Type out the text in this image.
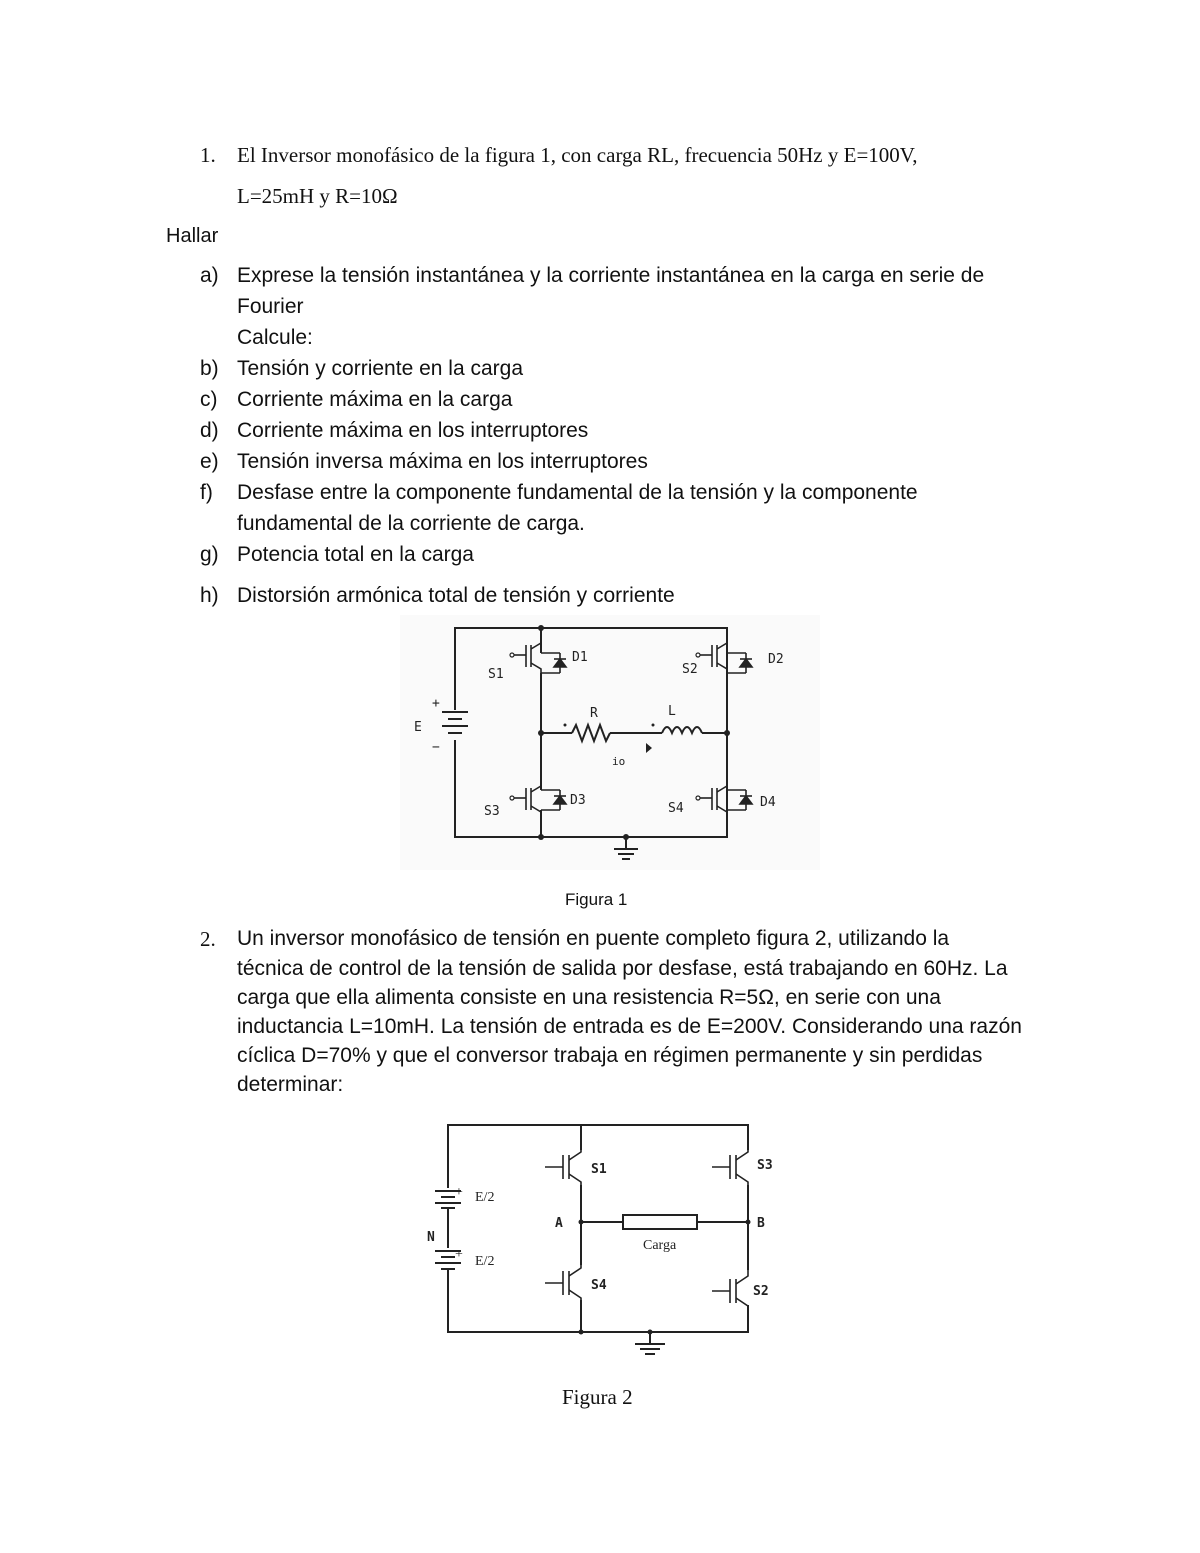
1. El Inversor monofásico de la figura 1, con carga RL, frecuencia 50Hz y E=100V,
L=25mH y R=10Ω
Hallar
a) Exprese la tensión instantánea y la corriente instantánea en la carga en serie de
Fourier
Calcule:
b) Tensión y corriente en la carga
c) Corriente máxima en la carga
d) Corriente máxima en los interruptores
e) Tensión inversa máxima en los interruptores
f) Desfase entre la componente fundamental de la tensión y la componente
fundamental de la corriente de carga.
g) Potencia total en la carga
h) Distorsión armónica total de tensión y corriente
S1	S2
S3	S4
D1	D2
D3	D4
R	L
E
+
−
io
Figura 1
2. Un inversor monofásico de tensión en puente completo figura 2, utilizando la
técnica de control de la tensión de salida por desfase, está trabajando en 60Hz. La
carga que ella alimenta consiste en una resistencia R=5Ω, en serie con una
inductancia L=10mH. La tensión de entrada es de E=200V. Considerando una razón
cíclica D=70% y que el conversor trabaja en régimen permanente y sin perdidas
determinar:
S1	S3
S4	S2
A	B
N
E/2
E/2
+
+
Carga
Figura 2
